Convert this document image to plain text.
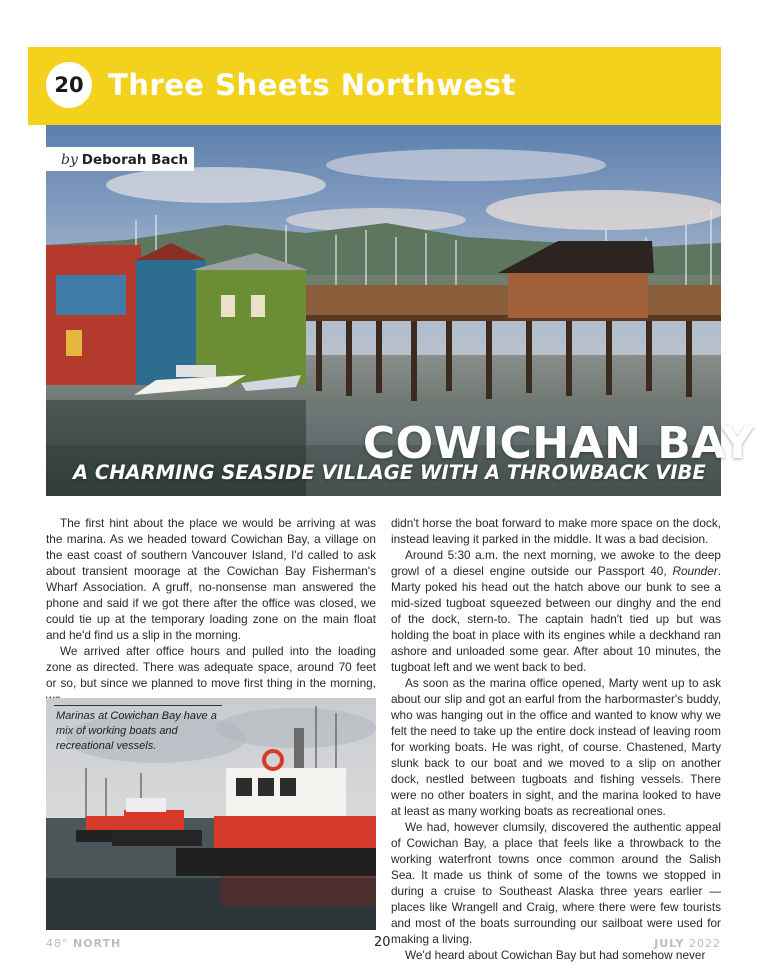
20 Three Sheets Northwest
by Deborah Bach
COWICHAN BAY
A CHARMING SEASIDE VILLAGE WITH A THROWBACK VIBE

The first hint about the place we would be arriving at was the marina. As we headed toward Cowichan Bay, a village on the east coast of southern Vancouver Island, I'd called to ask about transient moorage at the Cowichan Bay Fisherman's Wharf Association. A gruff, no-nonsense man answered the phone and said if we got there after the office was closed, we could tie up at the temporary loading zone on the main float and he'd find us a slip in the morning.

We arrived after office hours and pulled into the loading zone as directed. There was adequate space, around 70 feet or so, but since we planned to move first thing in the morning,

Marinas at Cowichan Bay have a mix of working boats and recreational vessels.

didn't horse the boat forward to make more space on the dock, instead leaving it parked in the middle. It was a bad decision.

Around 5:30 a.m. the next morning, we awoke to the deep growl of a diesel engine outside our Passport 40, Rounder. Marty poked his head out the hatch above our bunk to see a mid-sized tugboat squeezed between our dinghy and the end of the dock, stern-to. The captain hadn't tied up but was holding the boat in place with its engines while a deckhand ran ashore and unloaded some gear. After about 10 minutes, the tugboat left and we went back to bed.

As soon as the marina office opened, Marty went up to ask about our slip and got an earful from the harbormaster's buddy, who was hanging out in the office and wanted to know why we felt the need to take up the entire dock instead of leaving room for working boats. He was right, of course. Chastened, Marty slunk back to our boat and we moved to a slip on another dock, nestled between tugboats and fishing vessels. There were no other boaters in sight, and the marina looked to have at least as many working boats as recreational ones.

We had, however clumsily, discovered the authentic appeal of Cowichan Bay, a place that feels like a throwback to the working waterfront towns once common around the Salish Sea. It made us think of some of the towns we stopped in during a cruise to Southeast Alaska three years earlier — places like Wrangell and Craig, where there were few tourists and most of the boats surrounding our sailboat were used for making a living.

We'd heard about Cowichan Bay but had somehow never

48° NORTH	20	JULY 2022
